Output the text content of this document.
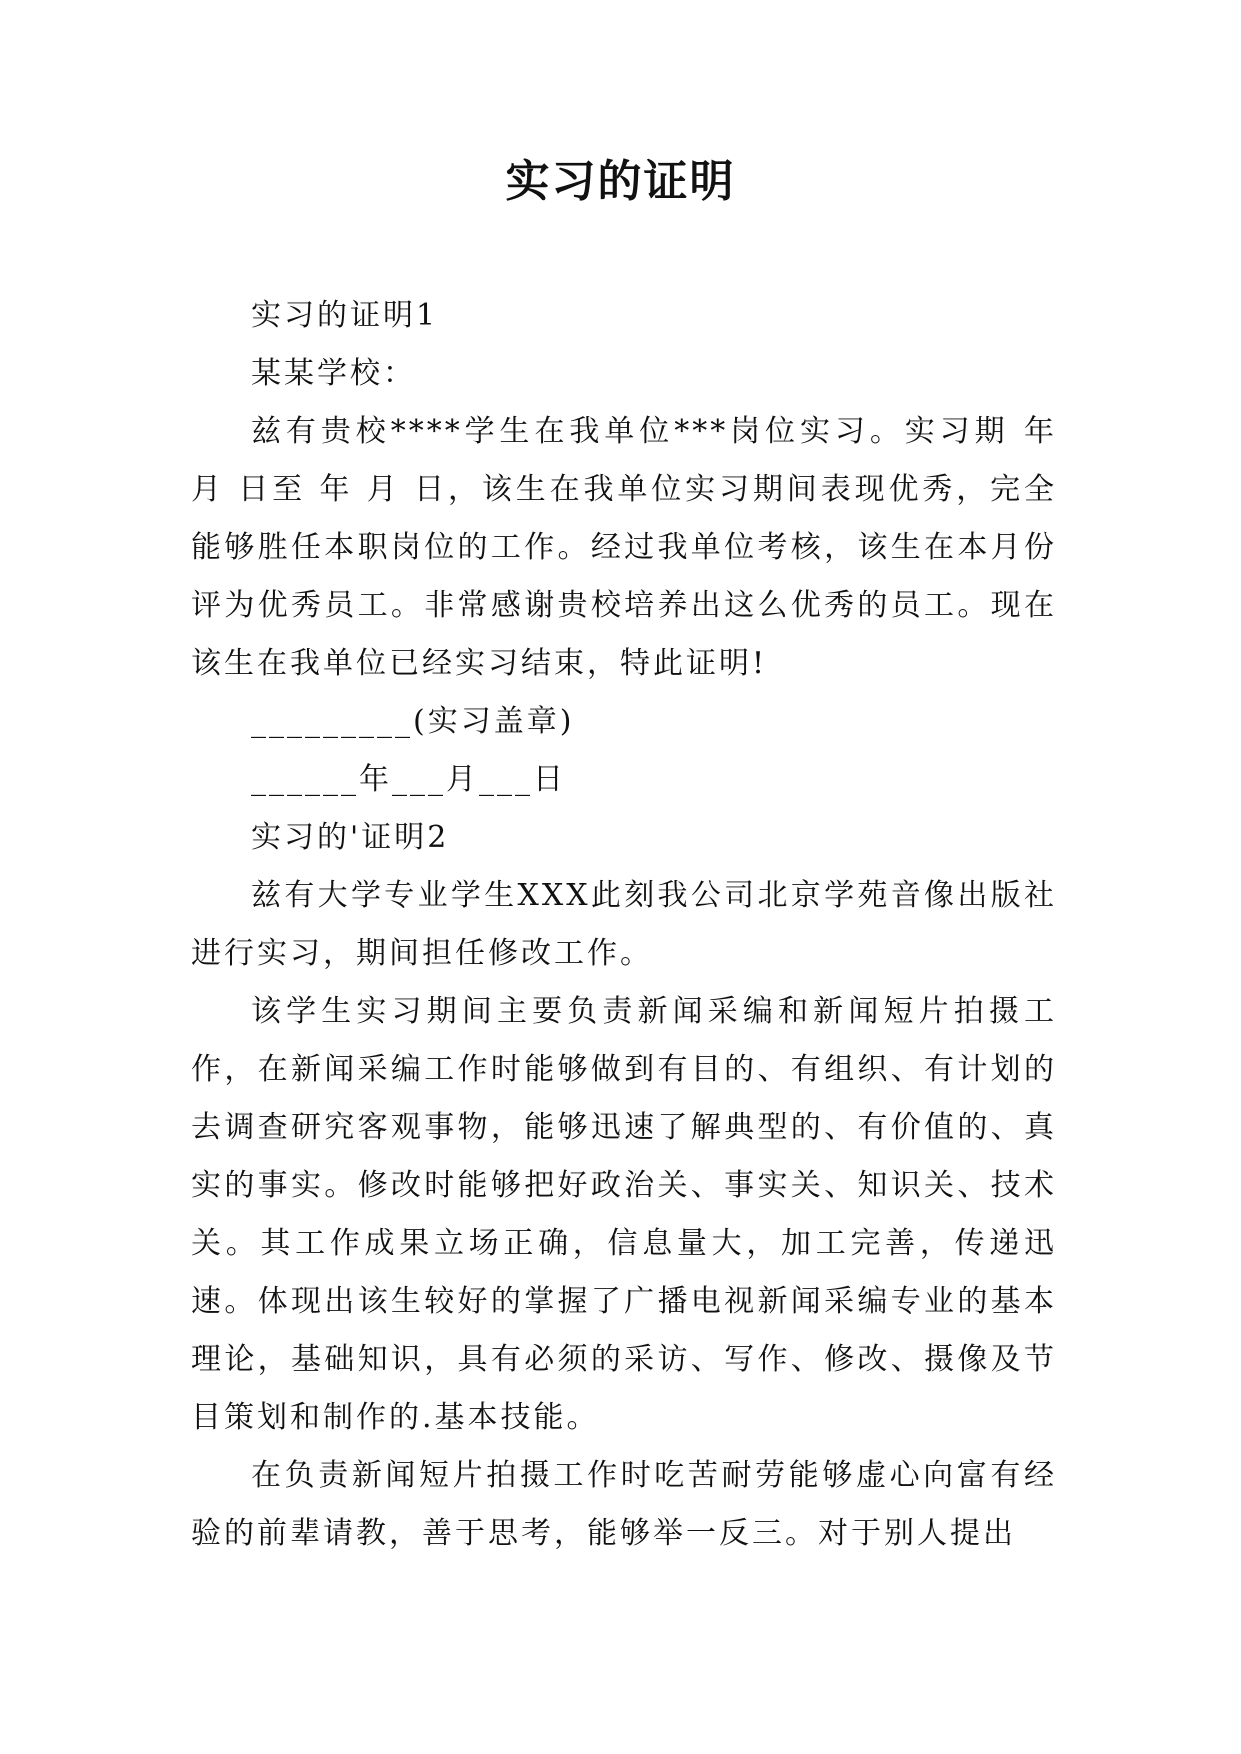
实习的证明

实习的证明1

某某学校：

兹有贵校****学生在我单位***岗位实习。实习期 年 月 日至 年 月 日，该生在我单位实习期间表现优秀，完全能够胜任本职岗位的工作。经过我单位考核，该生在本月份评为优秀员工。非常感谢贵校培养出这么优秀的员工。现在该生在我单位已经实习结束，特此证明!

_________(实习盖章)

______年___月___日

实习的'证明2

兹有大学专业学生XXX此刻我公司北京学苑音像出版社进行实习，期间担任修改工作。

该学生实习期间主要负责新闻采编和新闻短片拍摄工作，在新闻采编工作时能够做到有目的、有组织、有计划的去调查研究客观事物，能够迅速了解典型的、有价值的、真实的事实。修改时能够把好政治关、事实关、知识关、技术关。其工作成果立场正确，信息量大，加工完善，传递迅速。体现出该生较好的掌握了广播电视新闻采编专业的基本理论，基础知识，具有必须的采访、写作、修改、摄像及节目策划和制作的.基本技能。

在负责新闻短片拍摄工作时吃苦耐劳能够虚心向富有经验的前辈请教，善于思考，能够举一反三。对于别人提出
